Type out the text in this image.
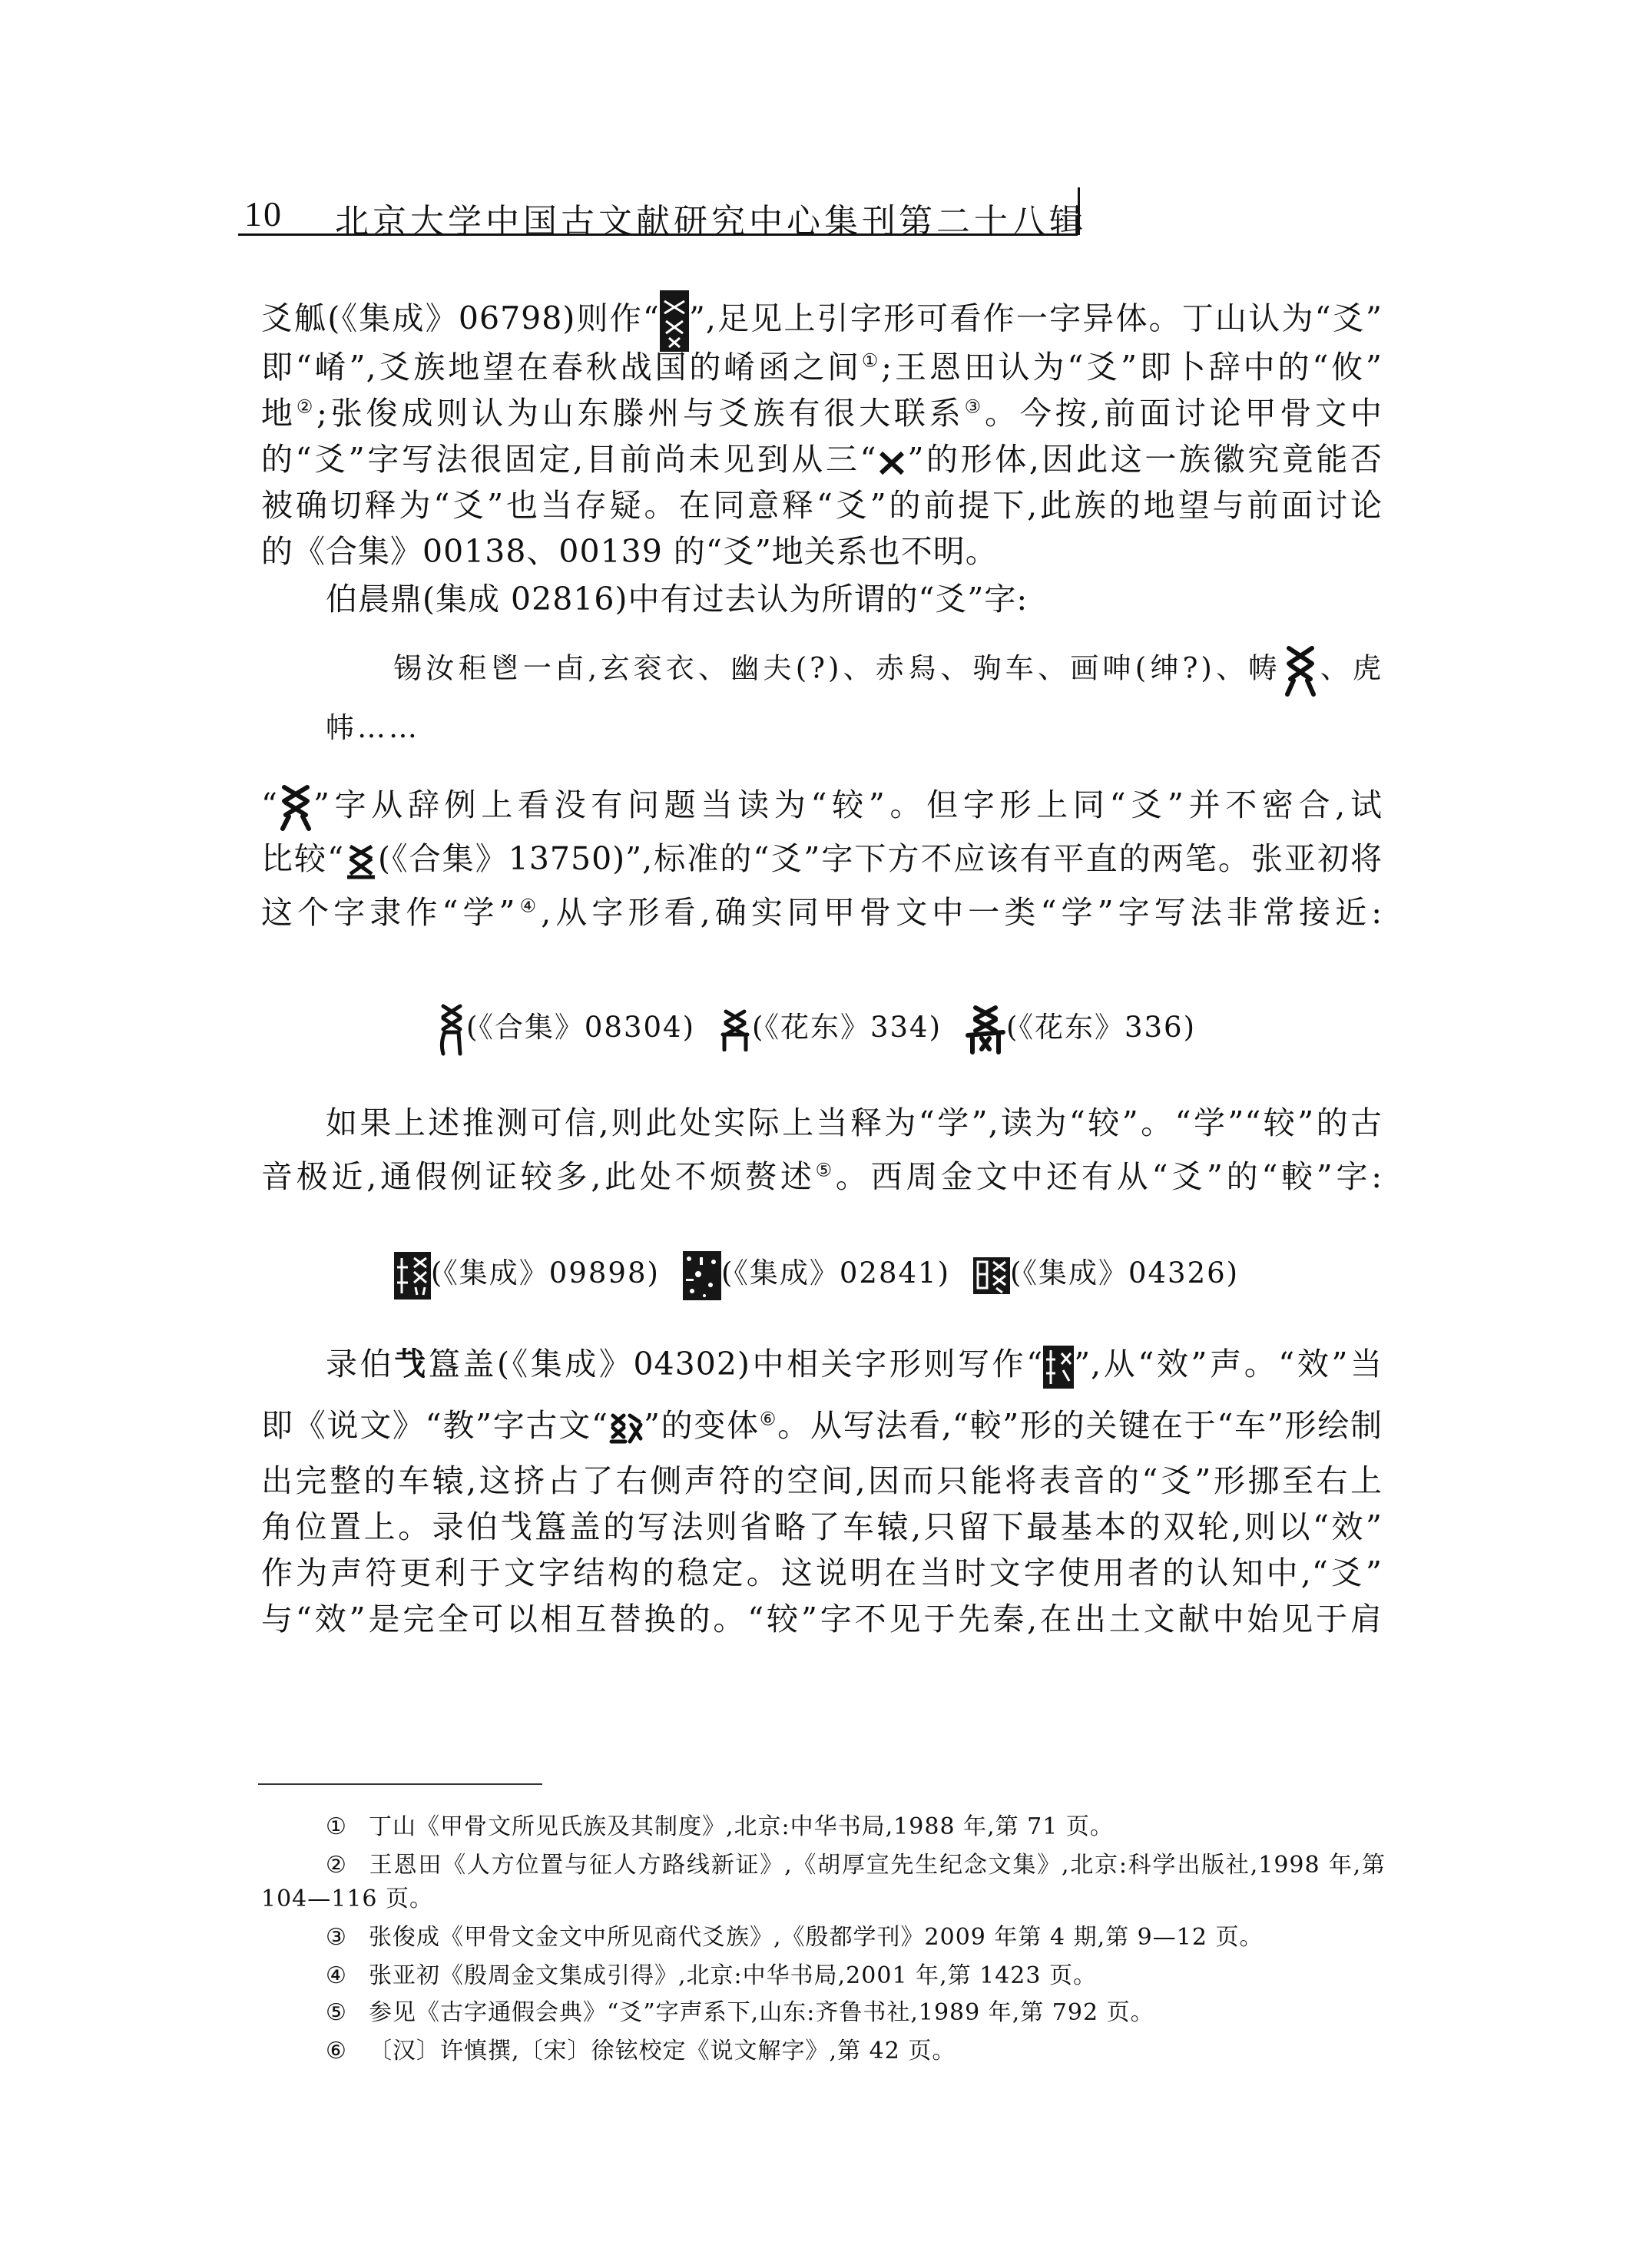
10 北京大学中国古文献研究中心集刊 第二十八辑
爻觚(《集成》06798)则作“ ”,足见上引字形可看作一字异体。丁山认为“爻”
即“崤”,爻族地望在春秋战国的崤函之间①;王恩田认为“爻”即卜辞中的“攸”
地②;张俊成则认为山东滕州与爻族有很大联系③。今按,前面讨论甲骨文中
的“爻”字写法很固定,目前尚未见到从三“ ”的形体,因此这一族徽究竟能否
被确切释为“爻”也当存疑。在同意释“爻”的前提下,此族的地望与前面讨论
的《合集》00138、00139 的“爻”地关系也不明。
伯晨鼎(集成 02816)中有过去认为所谓的“爻”字:
锡汝秬鬯一卣,玄衮衣、幽夫(?)、赤舄、驹车、画呻(绅?)、帱 、虎
帏……
“ ”字从辞例上看没有问题当读为“较”。但字形上同“爻”并不密合,试
比较“ (《合集》13750)”,标准的“爻”字下方不应该有平直的两笔。张亚初将
这个字隶作“学”④,从字形看,确实同甲骨文中一类“学”字写法非常接近:
(《合集》08304) (《花东》334) (《花东》336)
如果上述推测可信,则此处实际上当释为“学”,读为“较”。“学”“较”的古
音极近,通假例证较多,此处不烦赘述⑤。西周金文中还有从“爻”的“較”字:
(《集成》09898) (《集成》02841) (《集成》04326)
录伯𢦏簋盖(《集成》04302)中相关字形则写作“ ”,从“效”声。“效”当
即《说文》“教”字古文“ ”的变体⑥。从写法看,“較”形的关键在于“车”形绘制
出完整的车辕,这挤占了右侧声符的空间,因而只能将表音的“爻”形挪至右上
角位置上。录伯𢦏簋盖的写法则省略了车辕,只留下最基本的双轮,则以“效”
作为声符更利于文字结构的稳定。这说明在当时文字使用者的认知中,“爻”
与“效”是完全可以相互替换的。“较”字不见于先秦,在出土文献中始见于肩
① 丁山《甲骨文所见氏族及其制度》,北京:中华书局,1988 年,第 71 页。
② 王恩田《人方位置与征人方路线新证》,《胡厚宣先生纪念文集》,北京:科学出版社,1998 年,第
104—116 页。
③ 张俊成《甲骨文金文中所见商代爻族》,《殷都学刊》2009 年第 4 期,第 9—12 页。
④ 张亚初《殷周金文集成引得》,北京:中华书局,2001 年,第 1423 页。
⑤ 参见《古字通假会典》“爻”字声系下,山东:齐鲁书社,1989 年,第 792 页。
⑥ 〔汉〕许慎撰,〔宋〕徐铉校定《说文解字》,第 42 页。
